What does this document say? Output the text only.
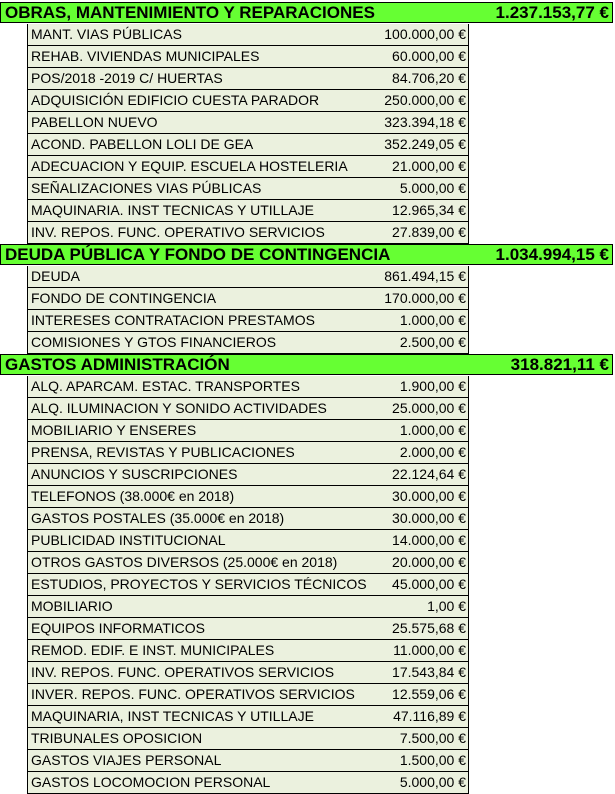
OBRAS, MANTENIMIENTO Y REPARACIONES	1.237.153,77 €
MANT. VIAS PÚBLICAS	100.000,00 €
REHAB. VIVIENDAS MUNICIPALES	60.000,00 €
POS/2018 -2019 C/ HUERTAS	84.706,20 €
ADQUISICIÓN EDIFICIO CUESTA PARADOR	250.000,00 €
PABELLON NUEVO	323.394,18 €
ACOND. PABELLON LOLI DE GEA	352.249,05 €
ADECUACION Y EQUIP. ESCUELA HOSTELERIA	21.000,00 €
SEÑALIZACIONES VIAS PÚBLICAS	5.000,00 €
MAQUINARIA. INST TECNICAS Y UTILLAJE	12.965,34 €
INV. REPOS. FUNC. OPERATIVO SERVICIOS	27.839,00 €
DEUDA PÚBLICA Y FONDO DE CONTINGENCIA	1.034.994,15 €
DEUDA	861.494,15 €
FONDO DE CONTINGENCIA	170.000,00 €
INTERESES CONTRATACION PRESTAMOS	1.000,00 €
COMISIONES Y GTOS FINANCIEROS	2.500,00 €
GASTOS ADMINISTRACIÓN	318.821,11 €
ALQ. APARCAM. ESTAC. TRANSPORTES	1.900,00 €
ALQ. ILUMINACION Y SONIDO ACTIVIDADES	25.000,00 €
MOBILIARIO Y ENSERES	1.000,00 €
PRENSA, REVISTAS Y PUBLICACIONES	2.000,00 €
ANUNCIOS Y SUSCRIPCIONES	22.124,64 €
TELEFONOS (38.000€ en 2018)	30.000,00 €
GASTOS POSTALES (35.000€ en 2018)	30.000,00 €
PUBLICIDAD INSTITUCIONAL	14.000,00 €
OTROS GASTOS DIVERSOS (25.000€ en 2018)	20.000,00 €
ESTUDIOS, PROYECTOS Y SERVICIOS TÉCNICOS 45.000,00 €
MOBILIARIO	1,00 €
EQUIPOS INFORMATICOS	25.575,68 €
REMOD. EDIF. E INST. MUNICIPALES	11.000,00 €
INV. REPOS. FUNC. OPERATIVOS SERVICIOS	17.543,84 €
INVER. REPOS. FUNC. OPERATIVOS SERVICIOS	12.559,06 €
MAQUINARIA, INST TECNICAS Y UTILLAJE	47.116,89 €
TRIBUNALES OPOSICION	7.500,00 €
GASTOS VIAJES PERSONAL	1.500,00 €
GASTOS LOCOMOCION PERSONAL	5.000,00 €
